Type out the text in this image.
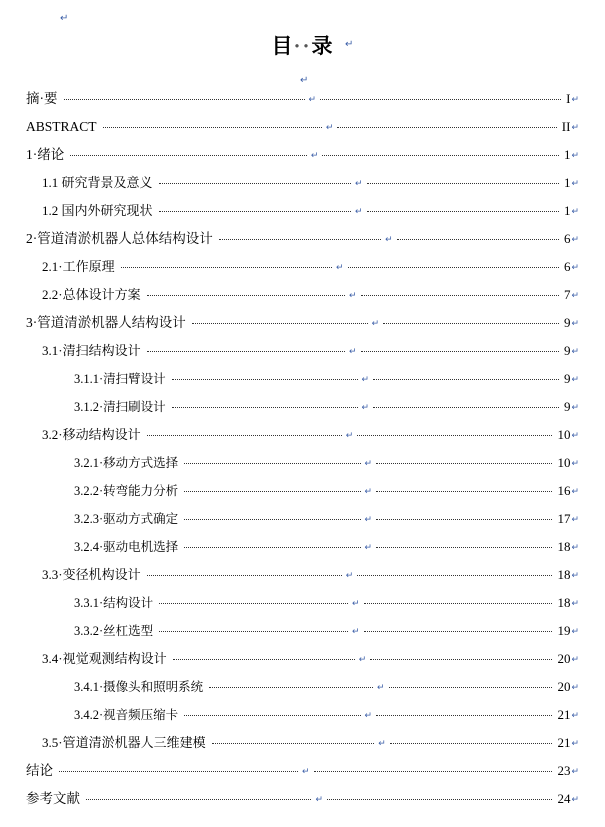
↵
↵
↵
目··录
摘·要	↵	I ↵
ABSTRACT	↵	II ↵
1·绪论	↵	1 ↵
1.1 研究背景及意义	↵	1 ↵
1.2 国内外研究现状	↵	1 ↵
2·管道清淤机器人总体结构设计	↵	6 ↵
2.1·工作原理	↵	6 ↵
2.2·总体设计方案	↵	7 ↵
3·管道清淤机器人结构设计	↵	9 ↵
3.1·清扫结构设计	↵	9 ↵
3.1.1·清扫臂设计	↵	9 ↵
3.1.2·清扫刷设计	↵	9 ↵
3.2·移动结构设计	↵	10 ↵
3.2.1·移动方式选择	↵	10 ↵
3.2.2·转弯能力分析	↵	16 ↵
3.2.3·驱动方式确定	↵	17 ↵
3.2.4·驱动电机选择	↵	18 ↵
3.3·变径机构设计	↵	18 ↵
3.3.1·结构设计	↵	18 ↵
3.3.2·丝杠选型	↵	19 ↵
3.4·视觉观测结构设计	↵	20 ↵
3.4.1·摄像头和照明系统	↵	20 ↵
3.4.2·视音频压缩卡	↵	21 ↵
3.5·管道清淤机器人三维建模	↵	21 ↵
结论	↵	23 ↵
参考文献	↵	24 ↵
